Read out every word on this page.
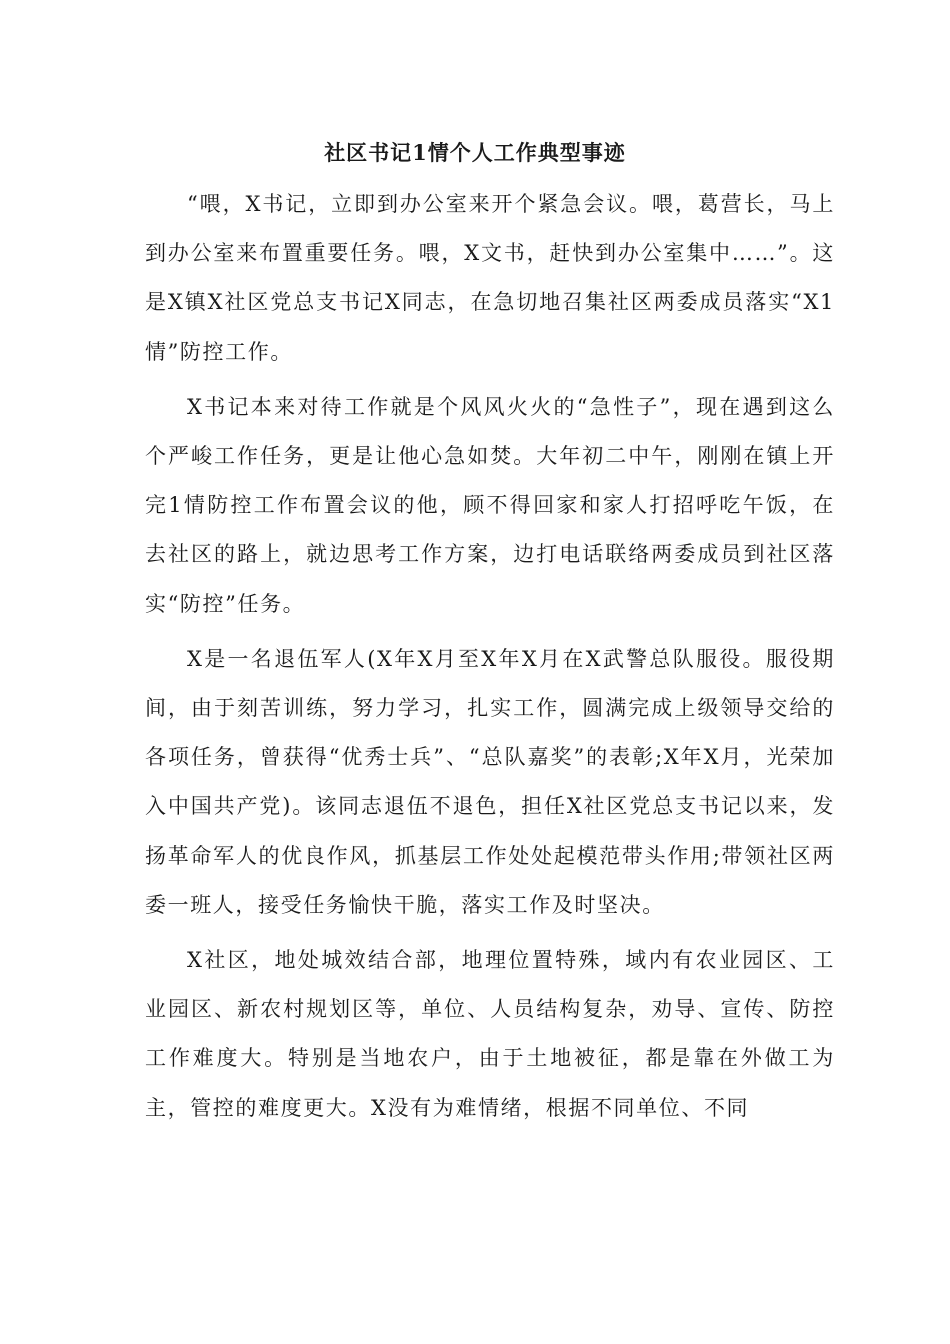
社区书记1情个人工作典型事迹

“喂，X书记，立即到办公室来开个紧急会议。喂，葛营长，马上到办公室来布置重要任务。喂，X文书，赶快到办公室集中……”。这是X镇X社区党总支书记X同志，在急切地召集社区两委成员落实“X1情”防控工作。

X书记本来对待工作就是个风风火火的“急性子”，现在遇到这么个严峻工作任务，更是让他心急如焚。大年初二中午，刚刚在镇上开完1情防控工作布置会议的他，顾不得回家和家人打招呼吃午饭，在去社区的路上，就边思考工作方案，边打电话联络两委成员到社区落实“防控”任务。

X是一名退伍军人(X年X月至X年X月在X武警总队服役。服役期间，由于刻苦训练，努力学习，扎实工作，圆满完成上级领导交给的各项任务，曾获得“优秀士兵”、“总队嘉奖”的表彰;X年X月，光荣加入中国共产党)。该同志退伍不退色，担任X社区党总支书记以来，发扬革命军人的优良作风，抓基层工作处处起模范带头作用;带领社区两委一班人，接受任务愉快干脆，落实工作及时坚决。

X社区，地处城效结合部，地理位置特殊，域内有农业园区、工业园区、新农村规划区等，单位、人员结构复杂，劝导、宣传、防控工作难度大。特别是当地农户，由于土地被征，都是靠在外做工为主，管控的难度更大。X没有为难情绪，根据不同单位、不同
